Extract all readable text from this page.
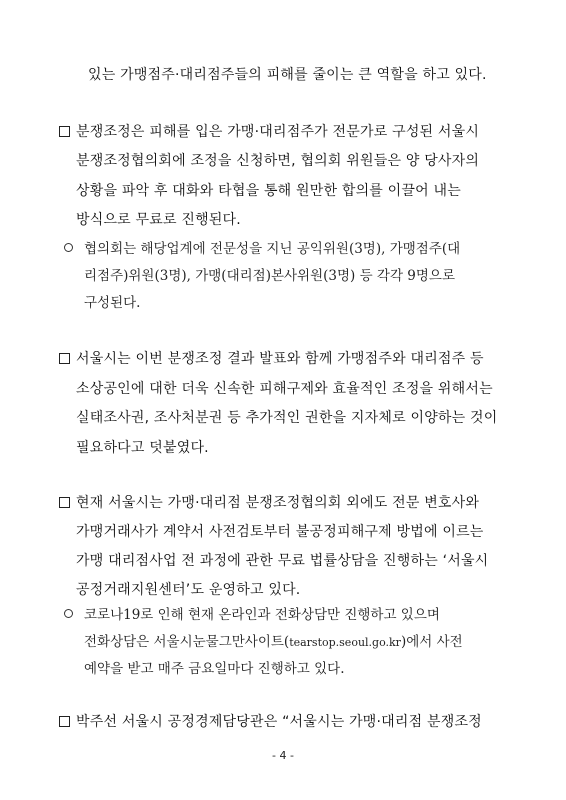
있는 가맹점주·대리점주들의 피해를 줄이는 큰 역할을 하고 있다.
분쟁조정은 피해를 입은 가맹·대리점주가 전문가로 구성된 서울시
분쟁조정협의회에 조정을 신청하면, 협의회 위원들은 양 당사자의
상황을 파악 후 대화와 타협을 통해 원만한 합의를 이끌어 내는
방식으로 무료로 진행된다.
협의회는 해당업계에 전문성을 지닌 공익위원(3명), 가맹점주(대
리점주)위원(3명), 가맹(대리점)본사위원(3명) 등 각각 9명으로
구성된다.
서울시는 이번 분쟁조정 결과 발표와 함께 가맹점주와 대리점주 등
소상공인에 대한 더욱 신속한 피해구제와 효율적인 조정을 위해서는
실태조사권, 조사처분권 등 추가적인 권한을 지자체로 이양하는 것이
필요하다고 덧붙였다.
현재 서울시는 가맹·대리점 분쟁조정협의회 외에도 전문 변호사와
가맹거래사가 계약서 사전검토부터 불공정피해구제 방법에 이르는
가맹 대리점사업 전 과정에 관한 무료 법률상담을 진행하는 ‘서울시
공정거래지원센터’도 운영하고 있다.
코로나19로 인해 현재 온라인과 전화상담만 진행하고 있으며
전화상담은 서울시눈물그만사이트(tearstop.seoul.go.kr)에서 사전
예약을 받고 매주 금요일마다 진행하고 있다.
박주선 서울시 공정경제담당관은 “서울시는 가맹·대리점 분쟁조정
- 4 -
